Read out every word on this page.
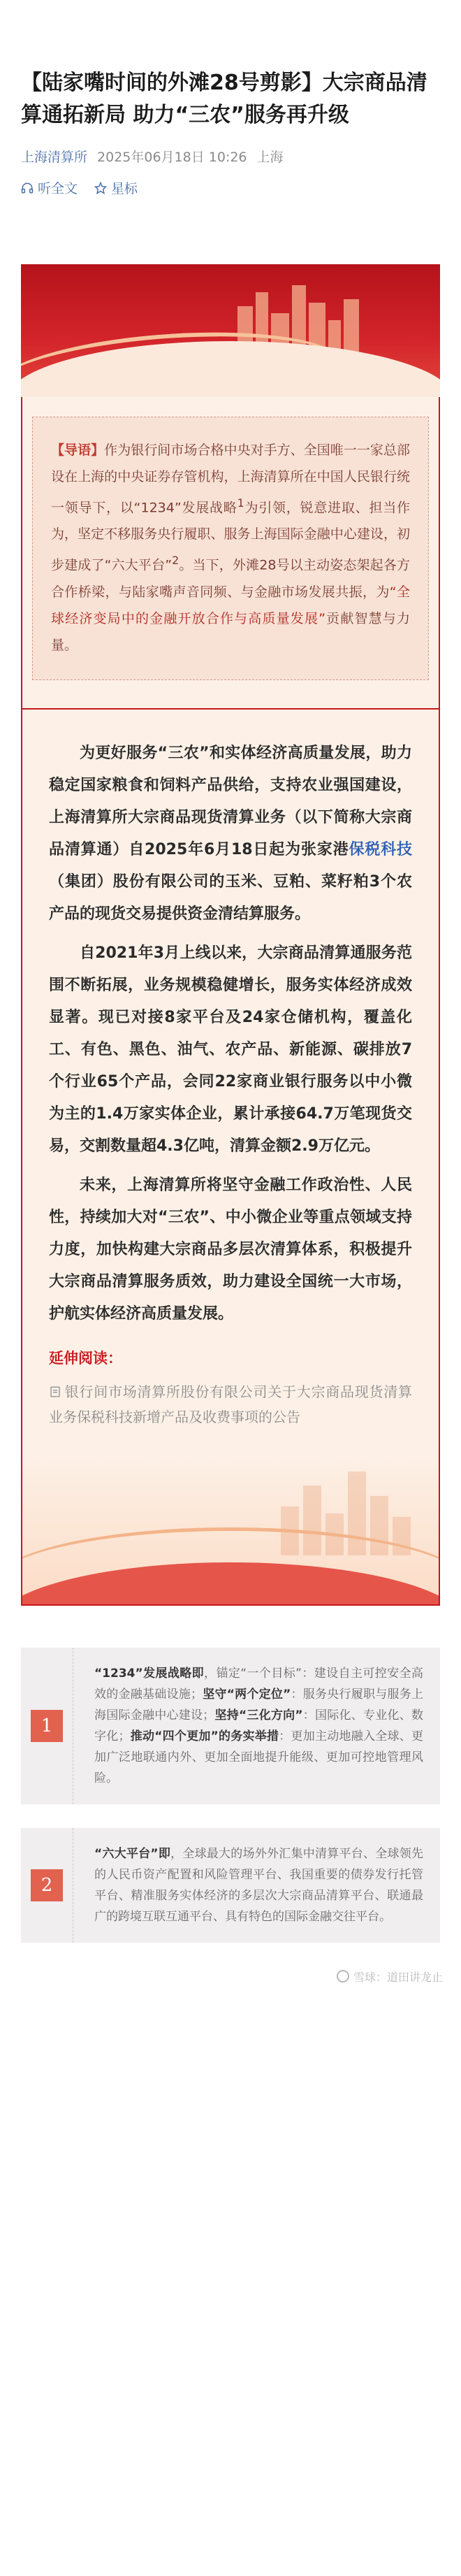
【陆家嘴时间的外滩28号剪影】大宗商品清算通拓新局 助力“三农”服务再升级
上海清算所 2025年06月18日 10:26 上海
听全文	星标
【导语】作为银行间市场合格中央对手方、全国唯一一家总部设在上海的中央证券存管机构，上海清算所在中国人民银行统一领导下，以“1234”发展战略$^1$为引领，锐意进取、担当作为，坚定不移服务央行履职、服务上海国际金融中心建设，初步建成了“六大平台”$^2$。当下，外滩28号以主动姿态架起各方合作桥梁，与陆家嘴声音同频、与金融市场发展共振，为“全球经济变局中的金融开放合作与高质量发展”贡献智慧与力量。

为更好服务“三农”和实体经济高质量发展，助力稳定国家粮食和饲料产品供给，支持农业强国建设，上海清算所大宗商品现货清算业务（以下简称大宗商品清算通）自2025年6月18日起为张家港保税科技（集团）股份有限公司的玉米、豆粕、菜籽粕3个农产品的现货交易提供资金清结算服务。

自2021年3月上线以来，大宗商品清算通服务范围不断拓展，业务规模稳健增长，服务实体经济成效显著。现已对接8家平台及24家仓储机构，覆盖化工、有色、黑色、油气、农产品、新能源、碳排放7个行业65个产品，会同22家商业银行服务以中小微为主的1.4万家实体企业，累计承接64.7万笔现货交易，交割数量超4.3亿吨，清算金额2.9万亿元。

未来，上海清算所将坚守金融工作政治性、人民性，持续加大对“三农”、中小微企业等重点领域支持力度，加快构建大宗商品多层次清算体系，积极提升大宗商品清算服务质效，助力建设全国统一大市场，护航实体经济高质量发展。

延伸阅读：
银行间市场清算所股份有限公司关于大宗商品现货清算业务保税科技新增产品及收费事项的公告
1
“1234”发展战略即，锚定“一个目标”：建设自主可控安全高效的金融基础设施；坚守“两个定位”：服务央行履职与服务上海国际金融中心建设；坚持“三化方向”：国际化、专业化、数字化；推动“四个更加”的务实举措：更加主动地融入全球、更加广泛地联通内外、更加全面地提升能级、更加可控地管理风险。
2
“六大平台”即，全球最大的场外外汇集中清算平台、全球领先的人民币资产配置和风险管理平台、我国重要的债券发行托管平台、精准服务实体经济的多层次大宗商品清算平台、联通最广的跨境互联互通平台、具有特色的国际金融交往平台。
雪球：道田讲龙止
